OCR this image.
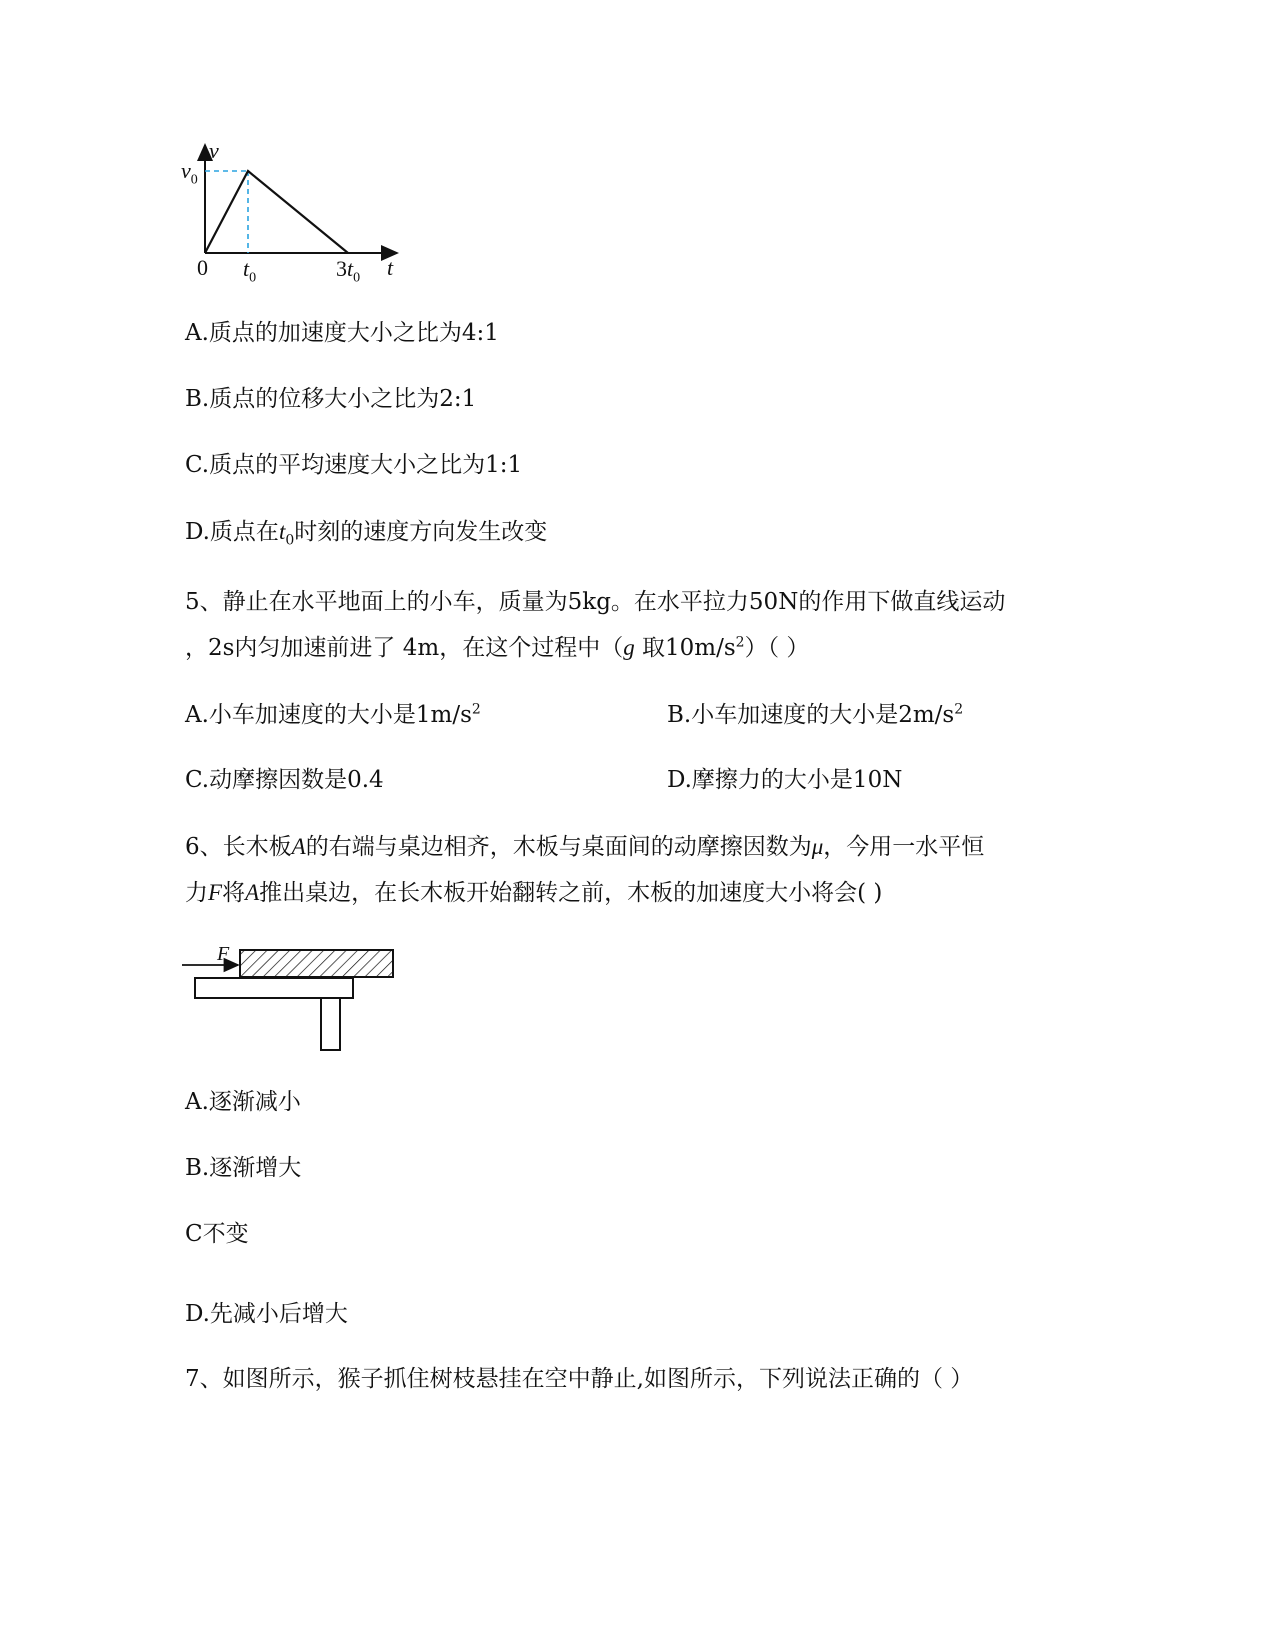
v
$v_0$
0 $t_0$	$3t_0$ t
A.质点的加速度大小之比为4:1
B.质点的位移大小之比为2:1
C.质点的平均速度大小之比为1:1
D.质点在$t_0$时刻的速度方向发生改变
5、静止在水平地面上的小车，质量为5kg。在水平拉力50N的作用下做直线运动
，2s内匀加速前进了 4m，在这个过程中（g 取$10m/s^2$）（ ）
A.小车加速度的大小是$1m/s^2$	B.小车加速度的大小是$2m/s^2$
C.动摩擦因数是0.4	D.摩擦力的大小是10N
6、长木板A的右端与桌边相齐，木板与桌面间的动摩擦因数为μ，今用一水平恒
力F将A推出桌边，在长木板开始翻转之前，木板的加速度大小将会( )
F
A.逐渐减小
B.逐渐增大
C不变
D.先减小后增大
7、如图所示，猴子抓住树枝悬挂在空中静止,如图所示，下列说法正确的（ ）
